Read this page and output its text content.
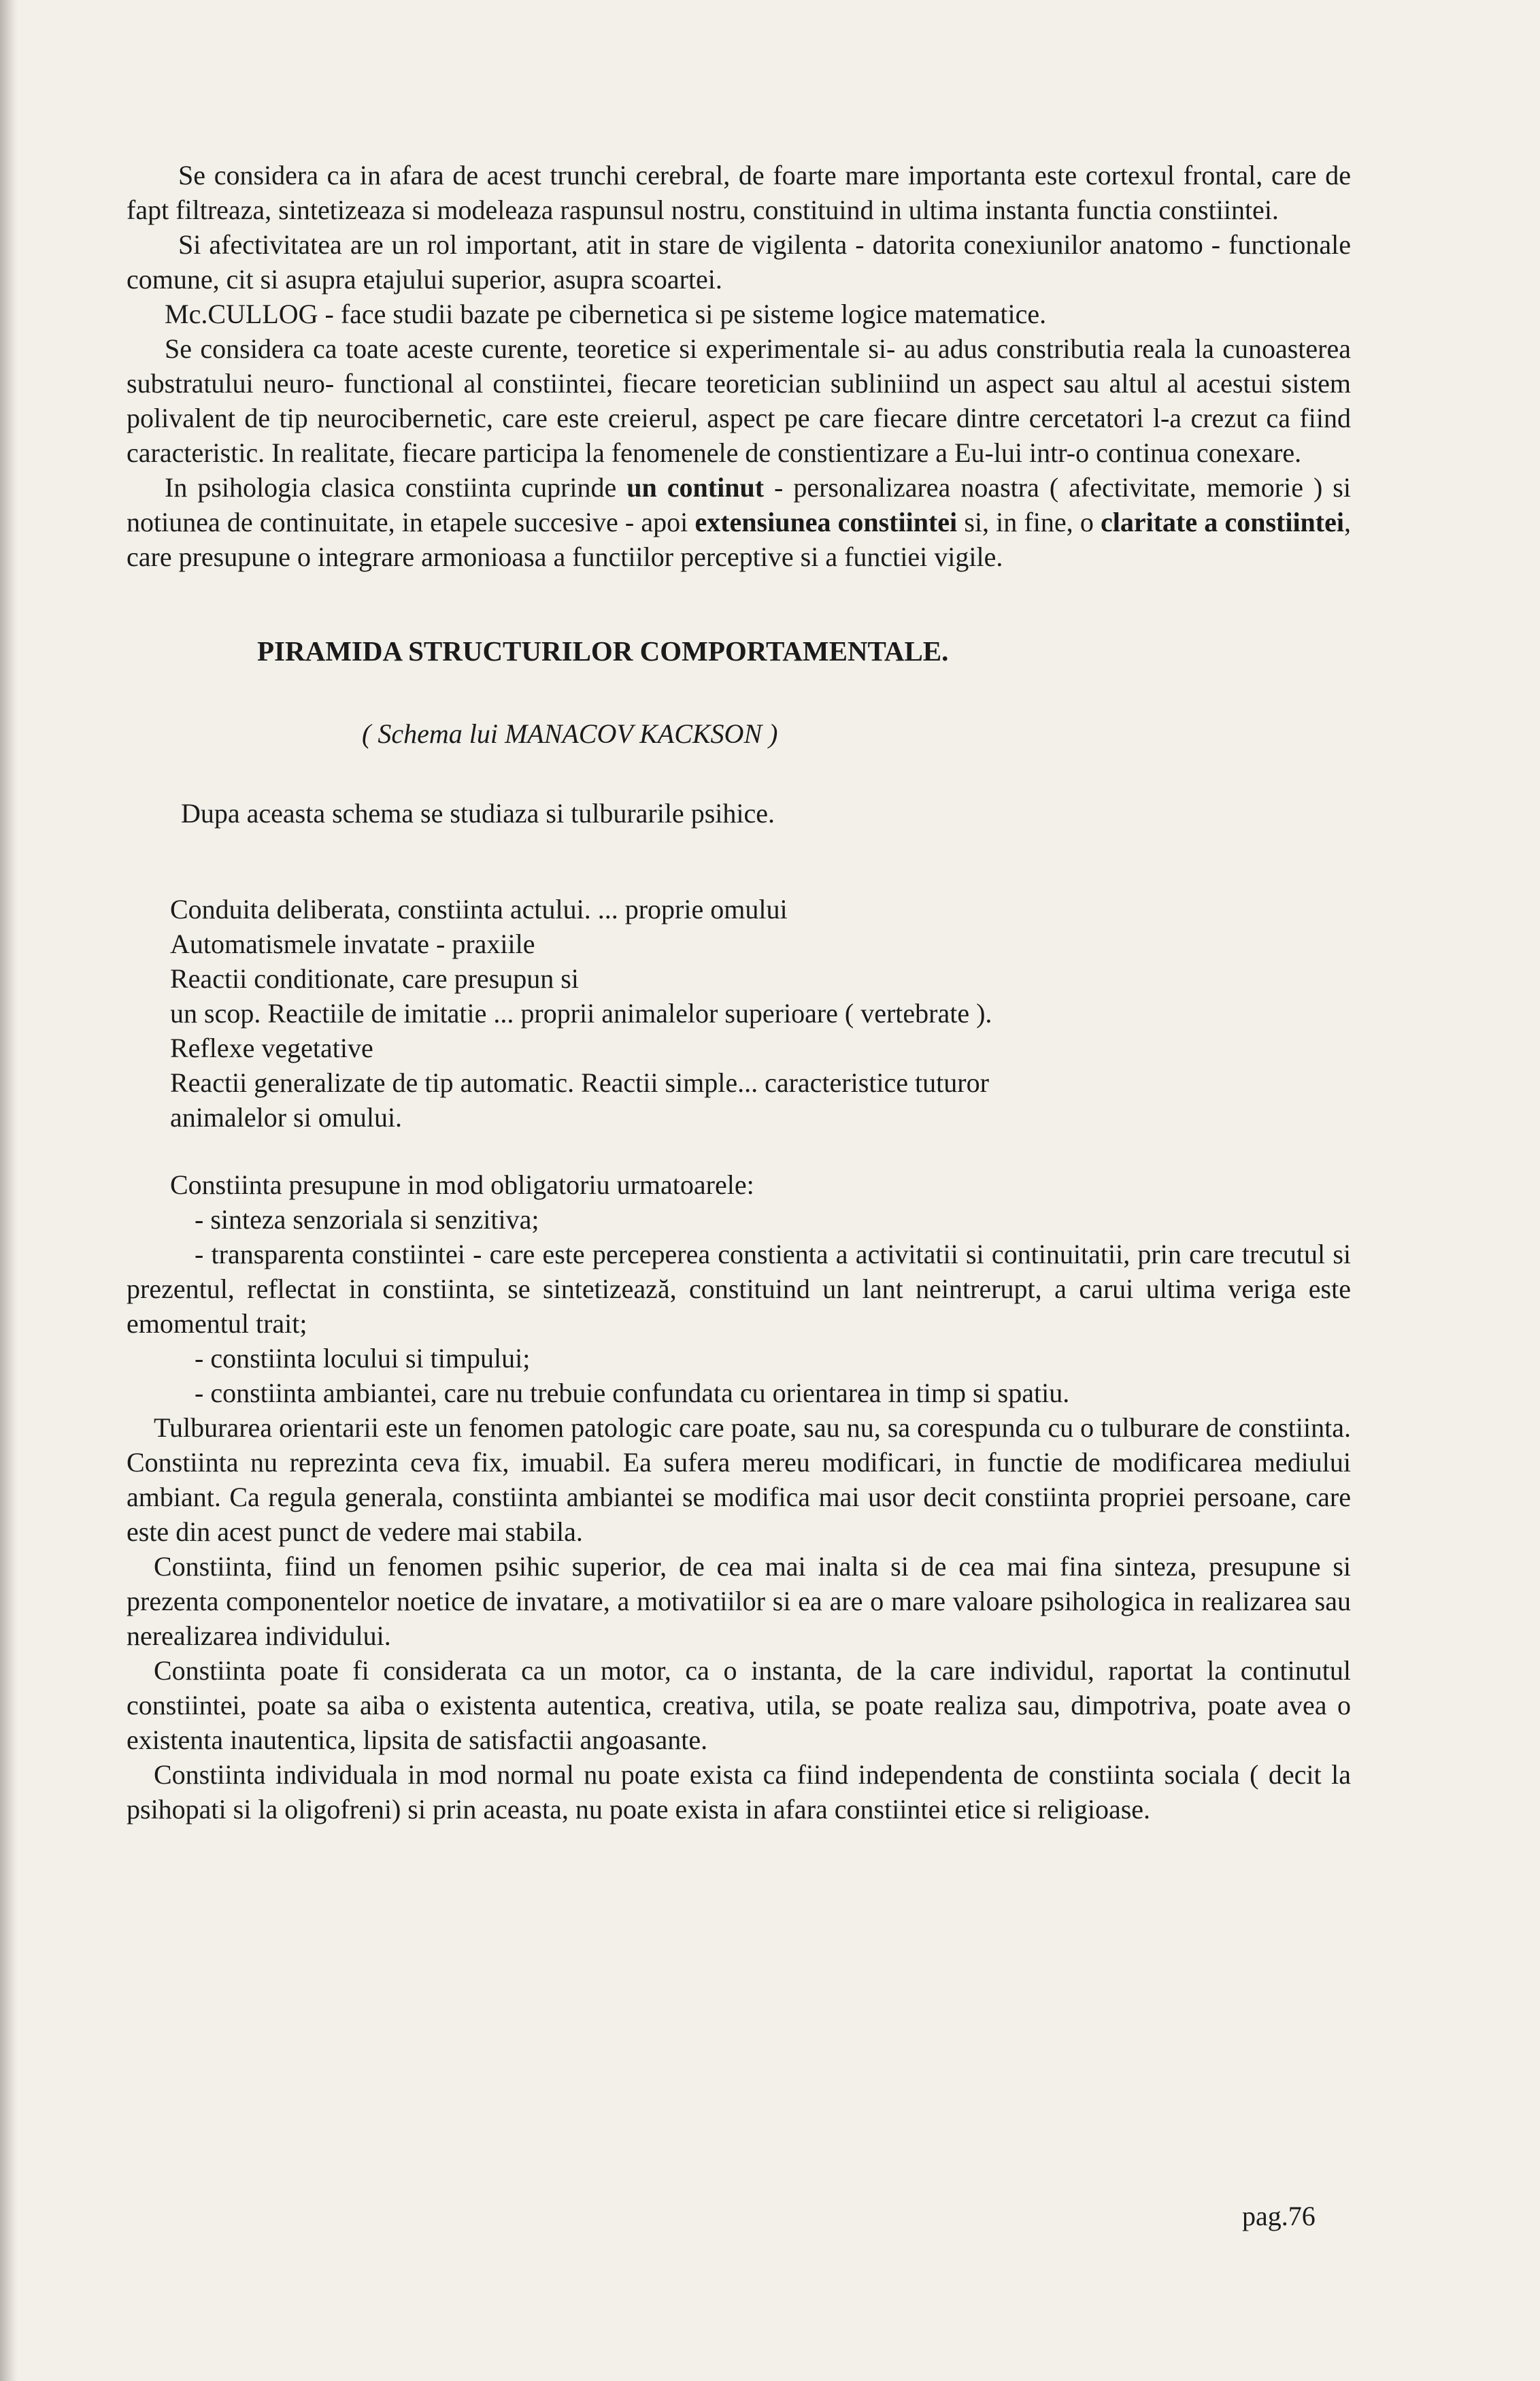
Se considera ca in afara de acest trunchi cerebral, de foarte mare importanta este cortexul frontal, care de fapt filtreaza, sintetizeaza si modeleaza raspunsul nostru, constituind in ultima instanta functia constiintei.

Si afectivitatea are un rol important, atit in stare de vigilenta - datorita conexiunilor anatomo - functionale comune, cit si asupra etajului superior, asupra scoartei.

Mc.CULLOG - face studii bazate pe cibernetica si pe sisteme logice matematice.

Se considera ca toate aceste curente, teoretice si experimentale si- au adus constributia reala la cunoasterea substratului neuro- functional al constiintei, fiecare teoretician subliniind un aspect sau altul al acestui sistem polivalent de tip neurocibernetic, care este creierul, aspect pe care fiecare dintre cercetatori l-a crezut ca fiind caracteristic. In realitate, fiecare participa la fenomenele de constientizare a Eu-lui intr-o continua conexare.

In psihologia clasica constiinta cuprinde un continut - personalizarea noastra ( afectivitate, memorie ) si notiunea de continuitate, in etapele succesive - apoi extensiunea constiintei si, in fine, o claritate a constiintei, care presupune o integrare armonioasa a functiilor perceptive si a functiei vigile.

PIRAMIDA STRUCTURILOR COMPORTAMENTALE.
( Schema lui MANACOV KACKSON )
Dupa aceasta schema se studiaza si tulburarile psihice.
Conduita deliberata, constiinta actului. ... proprie omului
Automatismele invatate - praxiile
Reactii conditionate, care presupun si
un scop. Reactiile de imitatie ... proprii animalelor superioare ( vertebrate ).
Reflexe vegetative
Reactii generalizate de tip automatic. Reactii simple... caracteristice tuturor
animalelor si omului.
Constiinta presupune in mod obligatoriu urmatoarele:
- sinteza senzoriala si senzitiva;
- transparenta constiintei - care este perceperea constienta a activitatii si continuitatii, prin care trecutul si prezentul, reflectat in constiinta, se sintetizează, constituind un lant neintrerupt, a carui ultima veriga este emomentul trait;
- constiinta locului si timpului;
- constiinta ambiantei, care nu trebuie confundata cu orientarea in timp si spatiu.

Tulburarea orientarii este un fenomen patologic care poate, sau nu, sa corespunda cu o tulburare de constiinta. Constiinta nu reprezinta ceva fix, imuabil. Ea sufera mereu modificari, in functie de modificarea mediului ambiant. Ca regula generala, constiinta ambiantei se modifica mai usor decit constiinta propriei persoane, care este din acest punct de vedere mai stabila.

Constiinta, fiind un fenomen psihic superior, de cea mai inalta si de cea mai fina sinteza, presupune si prezenta componentelor noetice de invatare, a motivatiilor si ea are o mare valoare psihologica in realizarea sau nerealizarea individului.

Constiinta poate fi considerata ca un motor, ca o instanta, de la care individul, raportat la continutul constiintei, poate sa aiba o existenta autentica, creativa, utila, se poate realiza sau, dimpotriva, poate avea o existenta inautentica, lipsita de satisfactii angoasante.

Constiinta individuala in mod normal nu poate exista ca fiind independenta de constiinta sociala ( decit la psihopati si la oligofreni) si prin aceasta, nu poate exista in afara constiintei etice si religioase.

pag.76
